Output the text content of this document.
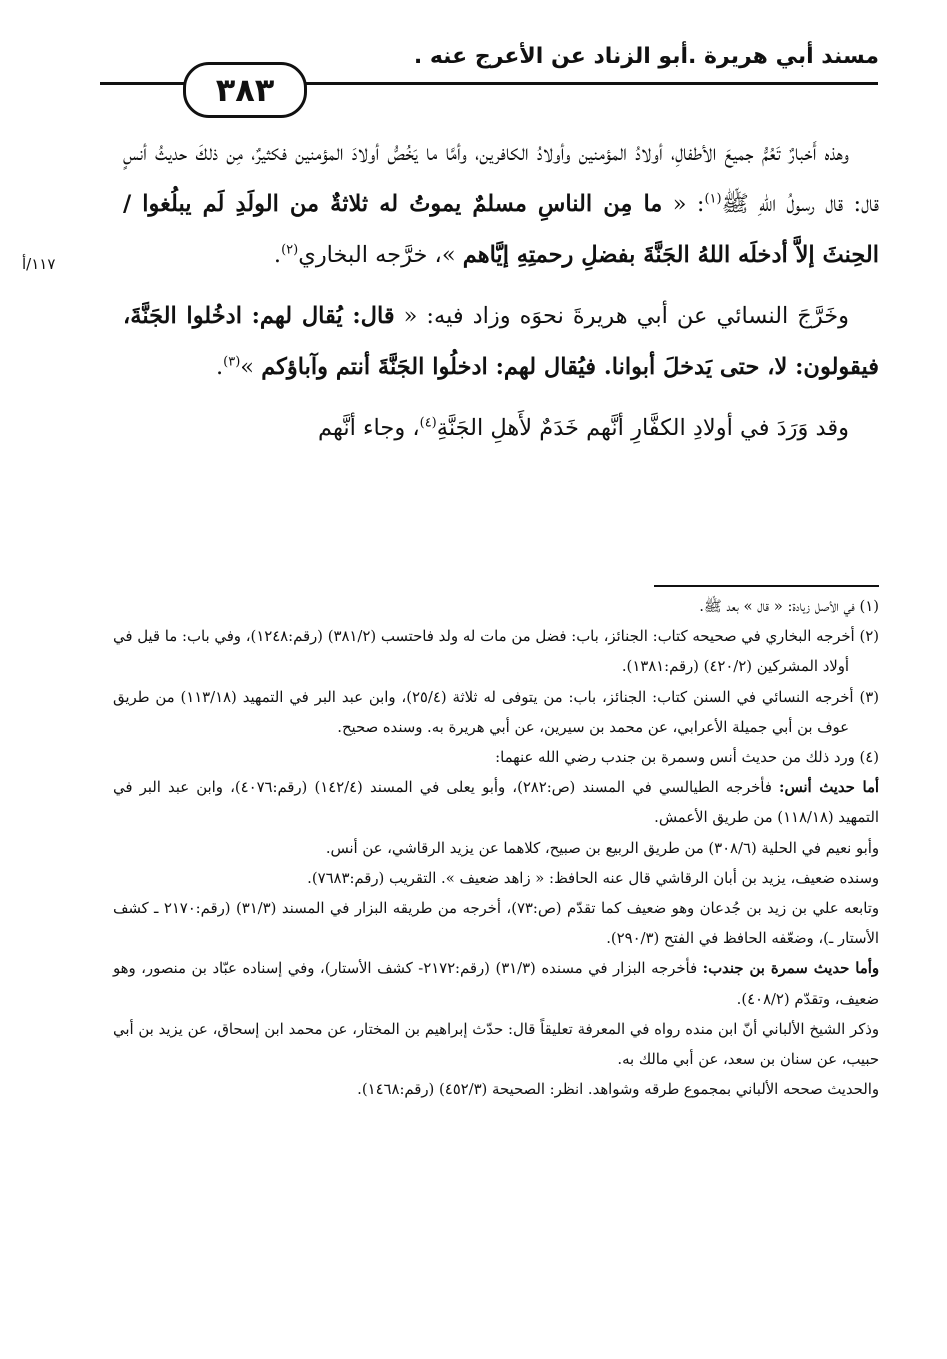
مسند أبي هريرة .أبو الزناد عن الأعرج عنه .
٣٨٣
١١٧/أ

وهذه أَخبارٌ تَعُمُّ جميعَ الأطفالِ، أولادُ المؤمنين وأولادُ الكافرين، وأمَّا ما يَخُصُّ أولادَ المؤمنين فكثيرٌ، مِن ذلكَ حديثُ أنسٍ قال: قال رسولُ اللهِ ﷺ$^{(١)}$: « ما مِن الناسِ مسلمٌ يموتُ له ثلاثةٌ من الولَدِ لَم يبلُغوا / الحِنثَ إلاَّ أدخلَه اللهُ الجَنَّةَ بفضلِ رحمتِهِ إيَّاهم »، خرَّجه البخاري$^{(٢)}$.

وخَرَّجَ النسائي عن أبي هريرةَ نحوَه وزاد فيه: « قال: يُقال لهم: ادخُلوا الجَنَّةَ، فيقولون: لا، حتى يَدخلَ أبوانا. فيُقال لهم: ادخلُوا الجَنَّةَ أنتم وآباؤكم »$^{(٣)}$.

وقد وَرَدَ في أولادِ الكفَّارِ أنَّهم خَدَمٌ لأَهلِ الجَنَّةِ$^{(٤)}$، وجاء أنَّهم

(١) في الأصل زيادة: « قال » بعد ﷺ.

(٢) أخرجه البخاري في صحيحه كتاب: الجنائز، باب: فضل من مات له ولد فاحتسب (٣٨١/٢) (رقم:١٢٤٨)، وفي باب: ما قيل في أولاد المشركين (٤٢٠/٢) (رقم:١٣٨١).

(٣) أخرجه النسائي في السنن كتاب: الجنائز، باب: من يتوفى له ثلاثة (٢٥/٤)، وابن عبد البر في التمهيد (١١٣/١٨) من طريق عوف بن أبي جميلة الأعرابي، عن محمد بن سيرين، عن أبي هريرة به. وسنده صحيح.

(٤) ورد ذلك من حديث أنس وسمرة بن جندب رضي الله عنهما:

أما حديث أنس: فأخرجه الطيالسي في المسند (ص:٢٨٢)، وأبو يعلى في المسند (١٤٢/٤) (رقم:٤٠٧٦)، وابن عبد البر في التمهيد (١١٨/١٨) من طريق الأعمش.

وأبو نعيم في الحلية (٣٠٨/٦) من طريق الربيع بن صبيح، كلاهما عن يزيد الرقاشي، عن أنس.

وسنده ضعيف، يزيد بن أبان الرقاشي قال عنه الحافظ: « زاهد ضعيف ». التقريب (رقم:٧٦٨٣).

وتابعه علي بن زيد بن جُدعان وهو ضعيف كما تقدّم (ص:٧٣)، أخرجه من طريقه البزار في المسند (٣١/٣) (رقم:٢١٧٠ ـ كشف الأستار ـ)، وضعّفه الحافظ في الفتح (٢٩٠/٣).

وأما حديث سمرة بن جندب: فأخرجه البزار في مسنده (٣١/٣) (رقم:٢١٧٢- كشف الأستار)، وفي إسناده عبّاد بن منصور، وهو ضعيف، وتقدّم (٤٠٨/٢).

وذكر الشيخ الألباني أنّ ابن منده رواه في المعرفة تعليقاً قال: حدّث إبراهيم بن المختار، عن محمد ابن إسحاق، عن يزيد بن أبي حبيب، عن سنان بن سعد، عن أبي مالك به.

والحديث صححه الألباني بمجموع طرقه وشواهد. انظر: الصحيحة (٤٥٢/٣) (رقم:١٤٦٨).
